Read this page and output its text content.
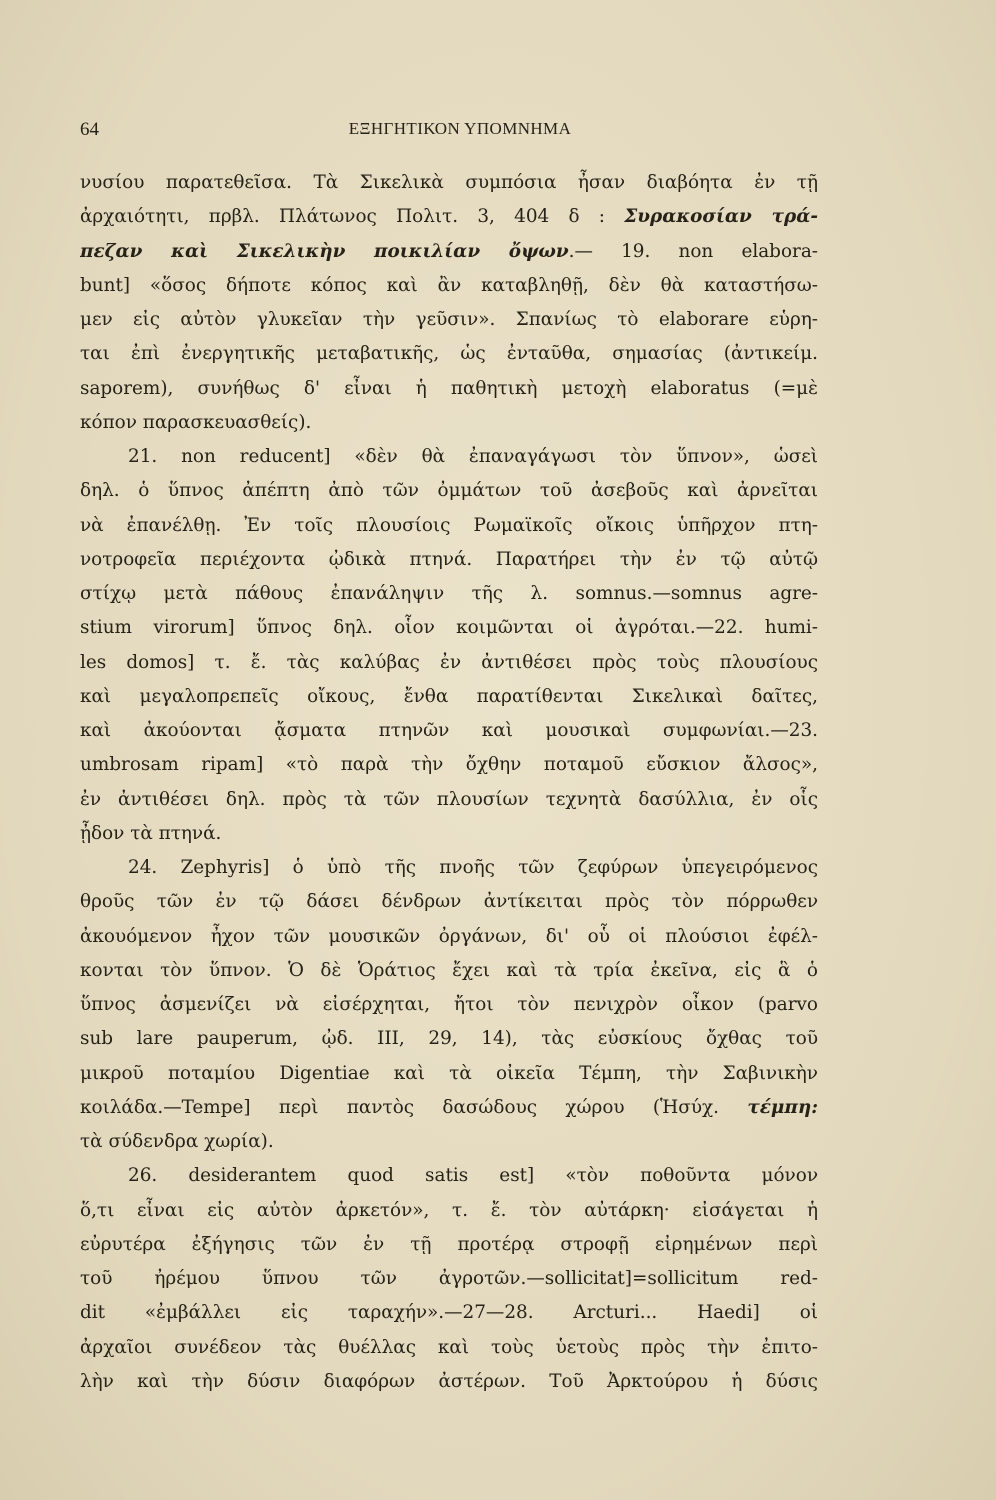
64	ΕΞΗΓΗΤΙΚΟΝ ΥΠΟΜΝΗΜΑ
νυσίου παρατεθεῖσα. Τὰ Σικελικὰ συμπόσια ἦσαν διαβόητα ἐν τῇ
ἀρχαιότητι, πρβλ. Πλάτωνος Πολιτ. 3, 404 δ : Συρακοσίαν τρά-
πεζαν καὶ Σικελικὴν ποικιλίαν ὄψων.— 19. non elabora-
bunt] «ὅσος δήποτε κόπος καὶ ἂν καταβληθῇ, δὲν θὰ καταστήσω-
μεν εἰς αὐτὸν γλυκεῖαν τὴν γεῦσιν». Σπανίως τὸ elaborare εὑρη-
ται ἐπὶ ἐνεργητικῆς μεταβατικῆς, ὡς ἐνταῦθα, σημασίας (ἀντικείμ.
saporem), συνήθως δ' εἶναι ἡ παθητικὴ μετοχὴ elaboratus (=μὲ
κόπον παρασκευασθείς).
21. non reducent] «δὲν θὰ ἐπαναγάγωσι τὸν ὕπνον», ὡσεὶ
δηλ. ὁ ὕπνος ἀπέπτη ἀπὸ τῶν ὀμμάτων τοῦ ἀσεβοῦς καὶ ἀρνεῖται
νὰ ἐπανέλθῃ. Ἐν τοῖς πλουσίοις Ρωμαϊκοῖς οἴκοις ὑπῆρχον πτη-
νοτροφεῖα περιέχοντα ᾠδικὰ πτηνά. Παρατήρει τὴν ἐν τῷ αὐτῷ
στίχῳ μετὰ πάθους ἐπανάληψιν τῆς λ. somnus.—somnus agre-
stium virorum] ὕπνος δηλ. οἷον κοιμῶνται οἱ ἀγρόται.—22. humi-
les domos] τ. ἔ. τὰς καλύβας ἐν ἀντιθέσει πρὸς τοὺς πλουσίους
καὶ μεγαλοπρεπεῖς οἴκους, ἔνθα παρατίθενται Σικελικαὶ δαῖτες,
καὶ ἀκούονται ᾄσματα πτηνῶν καὶ μουσικαὶ συμφωνίαι.—23.
umbrosam ripam] «τὸ παρὰ τὴν ὄχθην ποταμοῦ εὔσκιον ἄλσος»,
ἐν ἀντιθέσει δηλ. πρὸς τὰ τῶν πλουσίων τεχνητὰ δασύλλια, ἐν οἷς
ᾖδον τὰ πτηνά.
24. Zephyris] ὁ ὑπὸ τῆς πνοῆς τῶν ζεφύρων ὑπεγειρόμενος
θροῦς τῶν ἐν τῷ δάσει δένδρων ἀντίκειται πρὸς τὸν πόρρωθεν
ἀκουόμενον ἦχον τῶν μουσικῶν ὀργάνων, δι' οὗ οἱ πλούσιοι ἐφέλ-
κονται τὸν ὕπνον. Ὁ δὲ Ὁράτιος ἔχει καὶ τὰ τρία ἐκεῖνα, εἰς ἃ ὁ
ὕπνος ἀσμενίζει νὰ εἰσέρχηται, ἤτοι τὸν πενιχρὸν οἶκον (parvo
sub lare pauperum, ᾠδ. III, 29, 14), τὰς εὐσκίους ὄχθας τοῦ
μικροῦ ποταμίου Digentiae καὶ τὰ οἰκεῖα Τέμπη, τὴν Σαβινικὴν
κοιλάδα.—Tempe] περὶ παντὸς δασώδους χώρου (Ἡσύχ. τέμπη:
τὰ σύδενδρα χωρία).
26. desiderantem quod satis est] «τὸν ποθοῦντα μόνον
ὅ,τι εἶναι εἰς αὐτὸν ἀρκετόν», τ. ἔ. τὸν αὐτάρκη· εἰσάγεται ἡ
εὐρυτέρα ἐξήγησις τῶν ἐν τῇ προτέρᾳ στροφῇ εἰρημένων περὶ
τοῦ ἠρέμου ὕπνου τῶν ἀγροτῶν.—sollicitat]=sollicitum red-
dit «ἐμβάλλει εἰς ταραχήν».—27—28. Arcturi... Haedi] οἱ
ἀρχαῖοι συνέδεον τὰς θυέλλας καὶ τοὺς ὑετοὺς πρὸς τὴν ἐπιτο-
λὴν καὶ τὴν δύσιν διαφόρων ἀστέρων. Τοῦ Ἀρκτούρου ἡ δύσις
